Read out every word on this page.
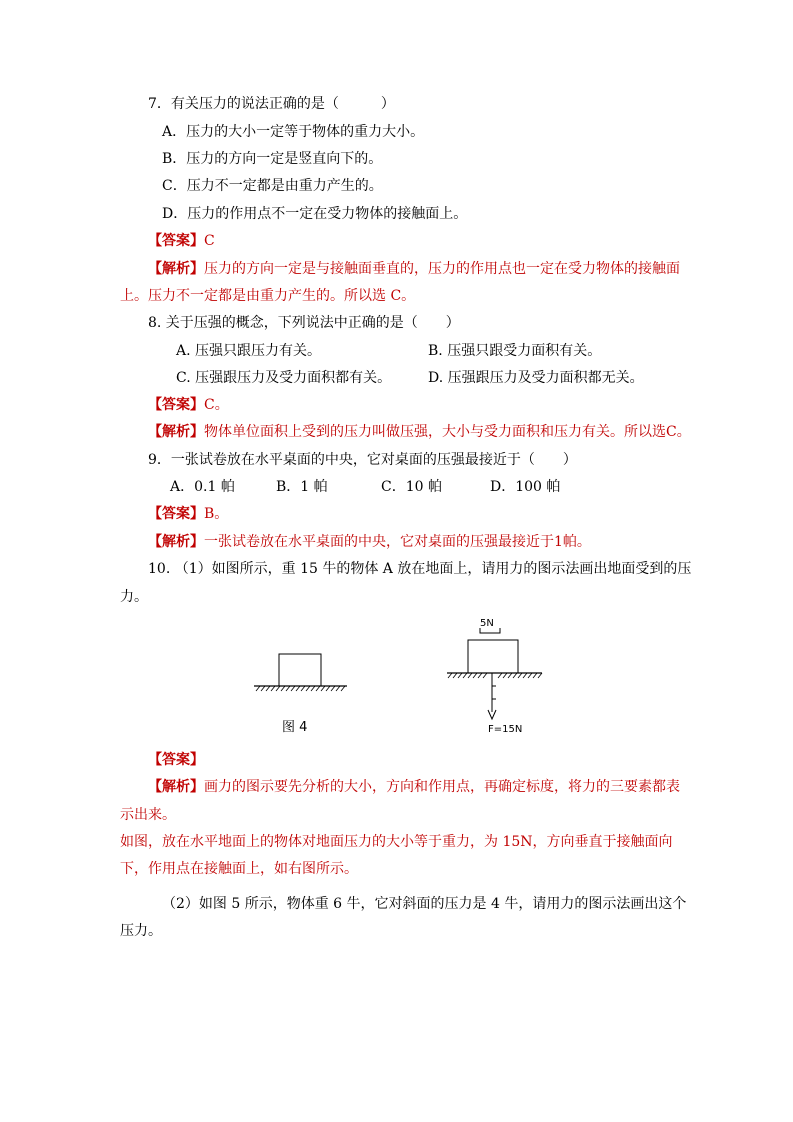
7．有关压力的说法正确的是（　　　）
A．压力的大小一定等于物体的重力大小。
B．压力的方向一定是竖直向下的。
C．压力不一定都是由重力产生的。
D．压力的作用点不一定在受力物体的接触面上。
【答案】C
【解析】压力的方向一定是与接触面垂直的，压力的作用点也一定在受力物体的接触面
上。压力不一定都是由重力产生的。所以选 C。
8. 关于压强的概念，下列说法中正确的是（　　）
A. 压强只跟压力有关。	B. 压强只跟受力面积有关。
C. 压强跟压力及受力面积都有关。	D. 压强跟压力及受力面积都无关。
【答案】C。
【解析】物体单位面积上受到的压力叫做压强，大小与受力面积和压力有关。所以选C。
9．一张试卷放在水平桌面的中央，它对桌面的压强最接近于（　　）
A．0.1 帕	B．1 帕	C．10 帕	D．100 帕
【答案】B。
【解析】一张试卷放在水平桌面的中央，它对桌面的压强最接近于1帕。
10. （1）如图所示，重 15 牛的物体 A 放在地面上，请用力的图示法画出地面受到的压
力。
图 4
5N
F=15N
【答案】
【解析】画力的图示要先分析的大小，方向和作用点，再确定标度，将力的三要素都表
示出来。
如图，放在水平地面上的物体对地面压力的大小等于重力，为 15N，方向垂直于接触面向
下，作用点在接触面上，如右图所示。
（2）如图 5 所示，物体重 6 牛，它对斜面的压力是 4 牛，请用力的图示法画出这个
压力。
